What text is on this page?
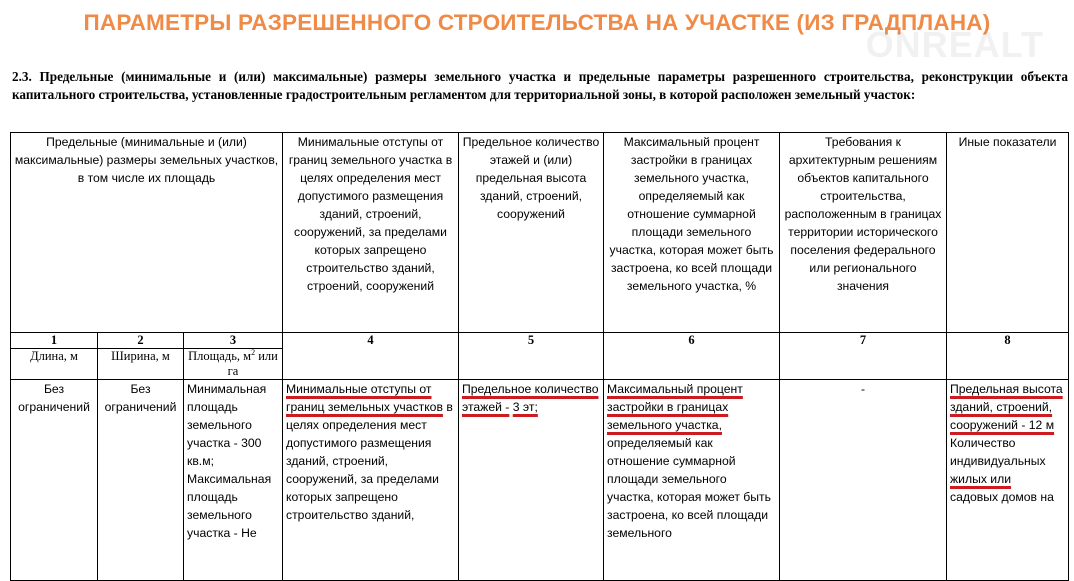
ПАРАМЕТРЫ РАЗРЕШЕННОГО СТРОИТЕЛЬСТВА НА УЧАСТКЕ (ИЗ ГРАДПЛАНА)
ONREALT
2.3. Предельные (минимальные и (или) максимальные) размеры земельного участка и предельные параметры разрешенного строительства, реконструкции объекта капитального строительства, установленные градостроительным регламентом для территориальной зоны, в которой расположен земельный участок:
Предельные (минимальные и (или) максимальные) размеры земельных участков, в том числе их площадь			Минимальные отступы от границ земельного участка в целях определения мест допустимого размещения зданий, строений, сооружений, за пределами которых запрещено строительство зданий, строений, сооружений	Предельное количество этажей и (или) предельная высота зданий, строений, сооружений	Максимальный процент застройки в границах земельного участка, определяемый как отношение суммарной площади земельного участка, которая может быть застроена, ко всей площади земельного участка, %	Требования к архитектурным решениям объектов капитального строительства, расположенным в границах территории исторического поселения федерального или регионального значения	Иные показатели
1	2	3	4	5	6	7	8
Длина, м	Ширина, м	Площадь, $м^2$ или га					
Без ограничений	Без ограничений	Минимальная площадь земельного участка - 300 кв.м; Максимальная площадь земельного участка - Не	Минимальные отступы от границ земельных участков в целях определения мест допустимого размещения зданий, строений, сооружений, за пределами которых запрещено строительство зданий,	Предельное количество этажей - 3 эт;	Максимальный процент застройки в границах земельного участка, определяемый как отношение суммарной площади земельного участка, которая может быть застроена, ко всей площади земельного	-	Предельная высота зданий, строений, сооружений - 12 м
Количество индивидуальных
жилых или
садовых домов на
